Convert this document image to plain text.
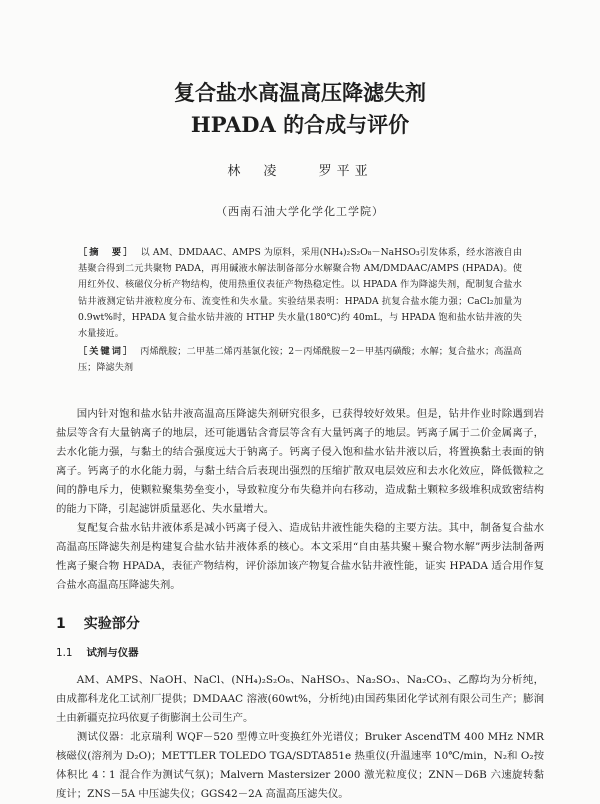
复合盐水高温高压降滤失剂
HPADA 的合成与评价
林　凌	罗平亚
（西南石油大学化学化工学院）

［摘　要］ 以 AM、DMDAAC、AMPS 为原料，采用(NH₄)₂S₂O₈－NaHSO₃引发体系，经水溶液自由基聚合得到二元共聚物 PADA，再用碱液水解法制备部分水解聚合物 AM/DMDAAC/AMPS (HPADA)。使用红外仪、核磁仪分析产物结构，使用热重仪表征产物热稳定性。以 HPADA 作为降滤失剂，配制复合盐水钻井液测定钻井液粒度分布、流变性和失水量。实验结果表明：HPADA 抗复合盐水能力强；CaCl₂加量为 0.9wt%时，HPADA 复合盐水钻井液的 HTHP 失水量(180℃)约 40mL，与 HPADA 饱和盐水钻井液的失水量接近。

［关键词］ 丙烯酰胺；二甲基二烯丙基氯化铵；2－丙烯酰胺－2－甲基丙磺酸；水解；复合盐水；高温高压；降滤失剂

国内针对饱和盐水钻井液高温高压降滤失剂研究很多，已获得较好效果。但是，钻井作业时除遇到岩盐层等含有大量钠离子的地层，还可能遇钻含膏层等含有大量钙离子的地层。钙离子属于二价金属离子，去水化能力强，与黏土的结合强度远大于钠离子。钙离子侵入饱和盐水钻井液以后，将置换黏土表面的钠离子。钙离子的水化能力弱，与黏土结合后表现出强烈的压缩扩散双电层效应和去水化效应，降低微粒之间的静电斥力，使颗粒聚集势垒变小，导致粒度分布失稳并向右移动，造成黏土颗粒多级堆积成致密结构的能力下降，引起滤饼质量恶化、失水量增大。

复配复合盐水钻井液体系是减小钙离子侵入、造成钻井液性能失稳的主要方法。其中，制备复合盐水高温高压降滤失剂是构建复合盐水钻井液体系的核心。本文采用“自由基共聚＋聚合物水解”两步法制备两性离子聚合物 HPADA，表征产物结构，评价添加该产物复合盐水钻井液性能，证实 HPADA 适合用作复合盐水高温高压降滤失剂。

1 实验部分
1.1 试剂与仪器

AM、AMPS、NaOH、NaCl、(NH₄)₂S₂O₈、NaHSO₃、Na₂SO₃、Na₂CO₃、乙醇均为分析纯，由成都科龙化工试剂厂提供；DMDAAC 溶液(60wt%，分析纯)由国药集团化学试剂有限公司生产；膨润土由新疆克拉玛依夏子街膨润土公司生产。

测试仪器：北京瑞利 WQF－520 型傅立叶变换红外光谱仪；Bruker AscendTM 400 MHz NMR 核磁仪(溶剂为 D₂O)；METTLER TOLEDO TGA/SDTA851e 热重仪(升温速率 10℃/min，N₂和 O₂按体积比 4∶1 混合作为测试气氛)；Malvern Mastersizer 2000 激光粒度仪；ZNN－D6B 六速旋转黏度计；ZNS－5A 中压滤失仪；GGS42－2A 高温高压滤失仪。
